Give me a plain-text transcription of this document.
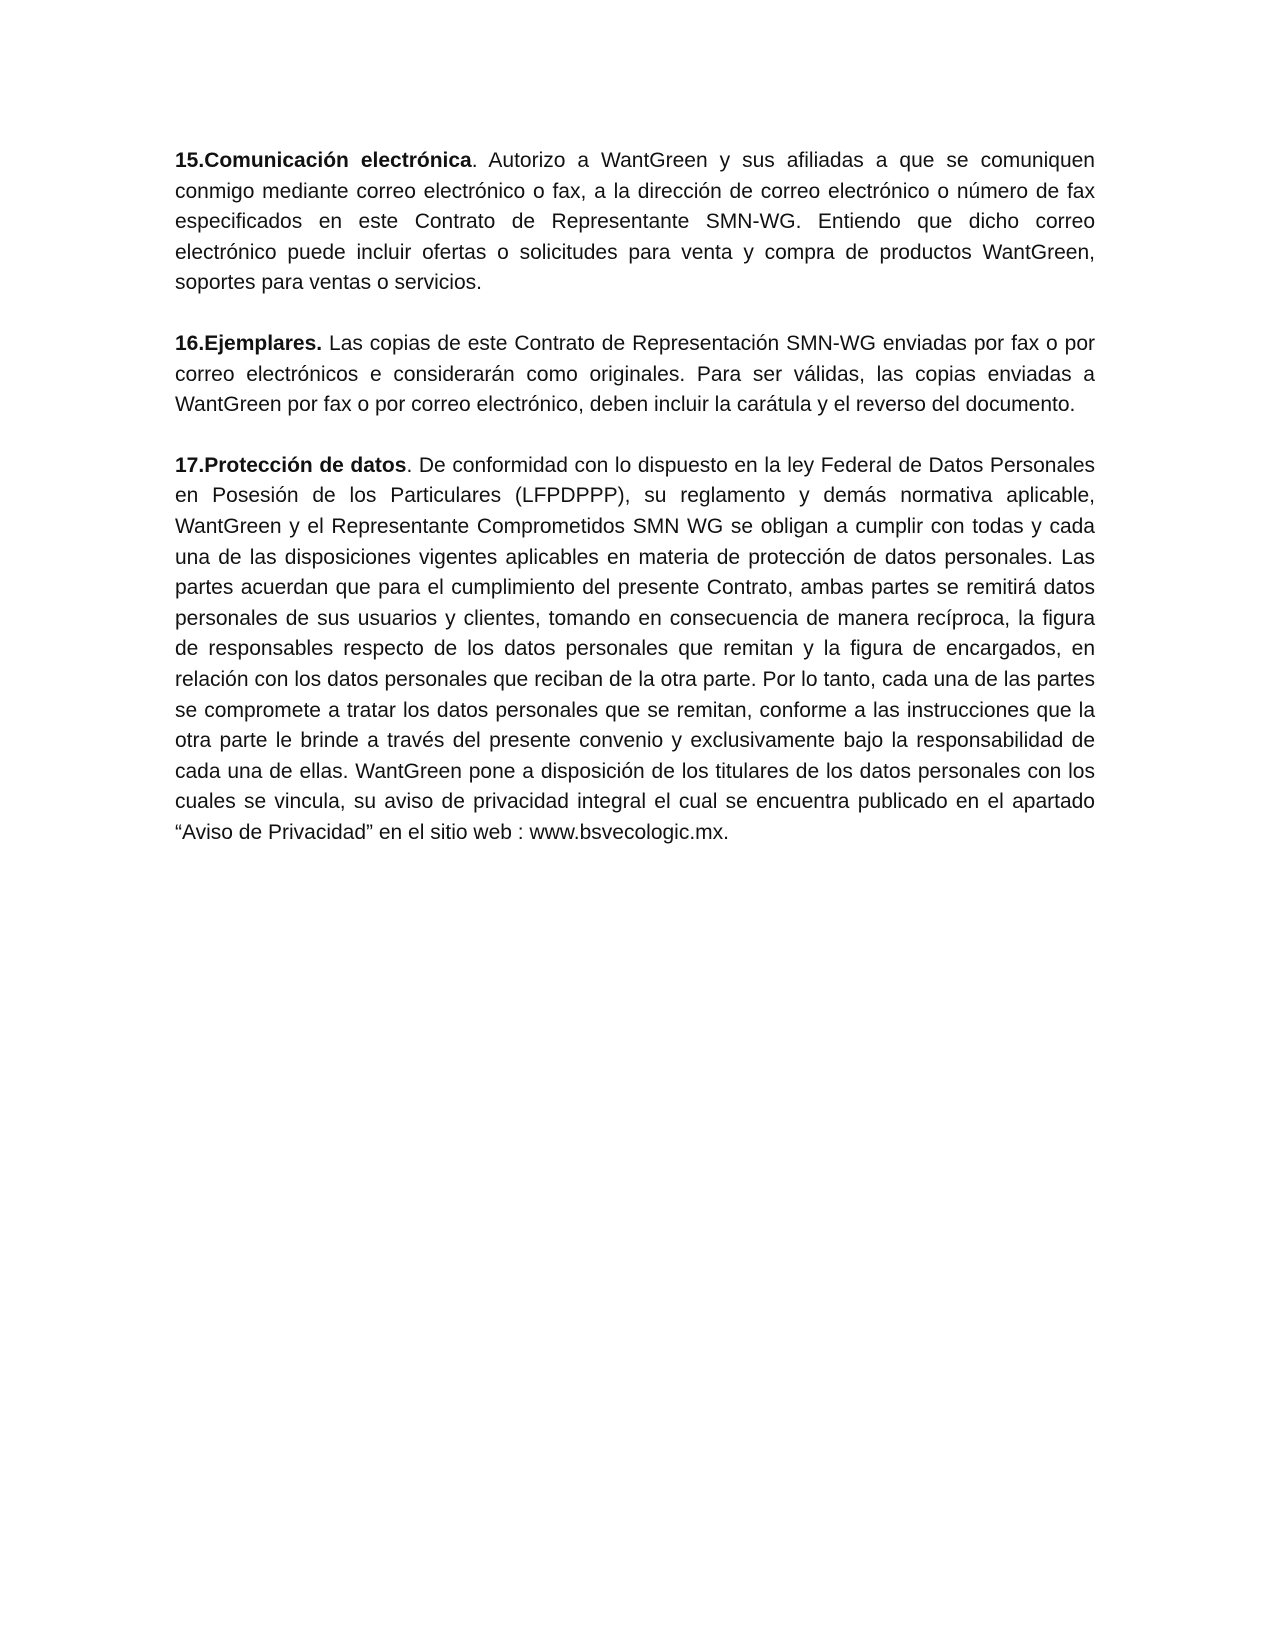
15.Comunicación electrónica. Autorizo a WantGreen y sus afiliadas a que se comuniquen conmigo mediante correo electrónico o fax, a la dirección de correo electrónico o número de fax especificados en este Contrato de Representante SMN-WG. Entiendo que dicho correo electrónico puede incluir ofertas o solicitudes para venta y compra de productos WantGreen, soportes para ventas o servicios.

16.Ejemplares. Las copias de este Contrato de Representación SMN-WG enviadas por fax o por correo electrónicos e considerarán como originales. Para ser válidas, las copias enviadas a WantGreen por fax o por correo electrónico, deben incluir la carátula y el reverso del documento.

17.Protección de datos. De conformidad con lo dispuesto en la ley Federal de Datos Personales en Posesión de los Particulares (LFPDPPP), su reglamento y demás normativa aplicable, WantGreen y el Representante Comprometidos SMN WG se obligan a cumplir con todas y cada una de las disposiciones vigentes aplicables en materia de protección de datos personales. Las partes acuerdan que para el cumplimiento del presente Contrato, ambas partes se remitirá datos personales de sus usuarios y clientes, tomando en consecuencia de manera recíproca, la figura de responsables respecto de los datos personales que remitan y la figura de encargados, en relación con los datos personales que reciban de la otra parte. Por lo tanto, cada una de las partes se compromete a tratar los datos personales que se remitan, conforme a las instrucciones que la otra parte le brinde a través del presente convenio y exclusivamente bajo la responsabilidad de cada una de ellas. WantGreen pone a disposición de los titulares de los datos personales con los cuales se vincula, su aviso de privacidad integral el cual se encuentra publicado en el apartado “Aviso de Privacidad” en el sitio web : www.bsvecologic.mx.
